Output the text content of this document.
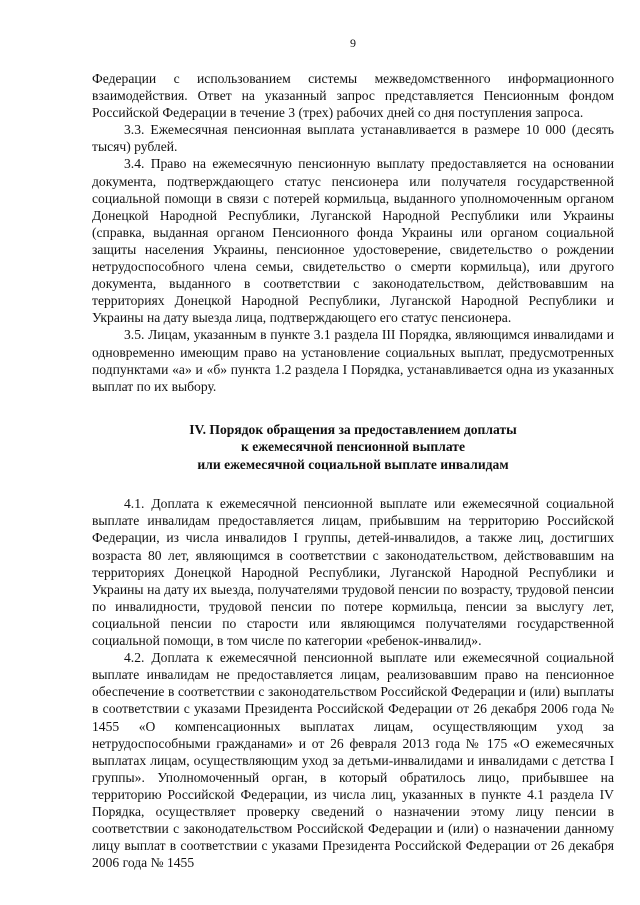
9

Федерации с использованием системы межведомственного информационного взаимодействия. Ответ на указанный запрос представляется Пенсионным фондом Российской Федерации в течение 3 (трех) рабочих дней со дня поступления запроса.

3.3. Ежемесячная пенсионная выплата устанавливается в размере 10 000 (десять тысяч) рублей.

3.4. Право на ежемесячную пенсионную выплату предоставляется на основании документа, подтверждающего статус пенсионера или получателя государственной социальной помощи в связи с потерей кормильца, выданного уполномоченным органом Донецкой Народной Республики, Луганской Народной Республики или Украины (справка, выданная органом Пенсионного фонда Украины или органом социальной защиты населения Украины, пенсионное удостоверение, свидетельство о рождении нетрудоспособного члена семьи, свидетельство о смерти кормильца), или другого документа, выданного в соответствии с законодательством, действовавшим на территориях Донецкой Народной Республики, Луганской Народной Республики и Украины на дату выезда лица, подтверждающего его статус пенсионера.

3.5. Лицам, указанным в пункте 3.1 раздела III Порядка, являющимся инвалидами и одновременно имеющим право на установление социальных выплат, предусмотренных подпунктами «а» и «б» пункта 1.2 раздела I Порядка, устанавливается одна из указанных выплат по их выбору.

IV. Порядок обращения за предоставлением доплаты
к ежемесячной пенсионной выплате
или ежемесячной социальной выплате инвалидам

4.1. Доплата к ежемесячной пенсионной выплате или ежемесячной социальной выплате инвалидам предоставляется лицам, прибывшим на территорию Российской Федерации, из числа инвалидов I группы, детей-инвалидов, а также лиц, достигших возраста 80 лет, являющимся в соответствии с законодательством, действовавшим на территориях Донецкой Народной Республики, Луганской Народной Республики и Украины на дату их выезда, получателями трудовой пенсии по возрасту, трудовой пенсии по инвалидности, трудовой пенсии по потере кормильца, пенсии за выслугу лет, социальной пенсии по старости или являющимся получателями государственной социальной помощи, в том числе по категории «ребенок-инвалид».

4.2. Доплата к ежемесячной пенсионной выплате или ежемесячной социальной выплате инвалидам не предоставляется лицам, реализовавшим право на пенсионное обеспечение в соответствии с законодательством Российской Федерации и (или) выплаты в соответствии с указами Президента Российской Федерации от 26 декабря 2006 года № 1455 «О компенсационных выплатах лицам, осуществляющим уход за нетрудоспособными гражданами» и от 26 февраля 2013 года № 175 «О ежемесячных выплатах лицам, осуществляющим уход за детьми-инвалидами и инвалидами с детства I группы». Уполномоченный орган, в который обратилось лицо, прибывшее на территорию Российской Федерации, из числа лиц, указанных в пункте 4.1 раздела IV Порядка, осуществляет проверку сведений о назначении этому лицу пенсии в соответствии с законодательством Российской Федерации и (или) о назначении данному лицу выплат в соответствии с указами Президента Российской Федерации от 26 декабря 2006 года № 1455
